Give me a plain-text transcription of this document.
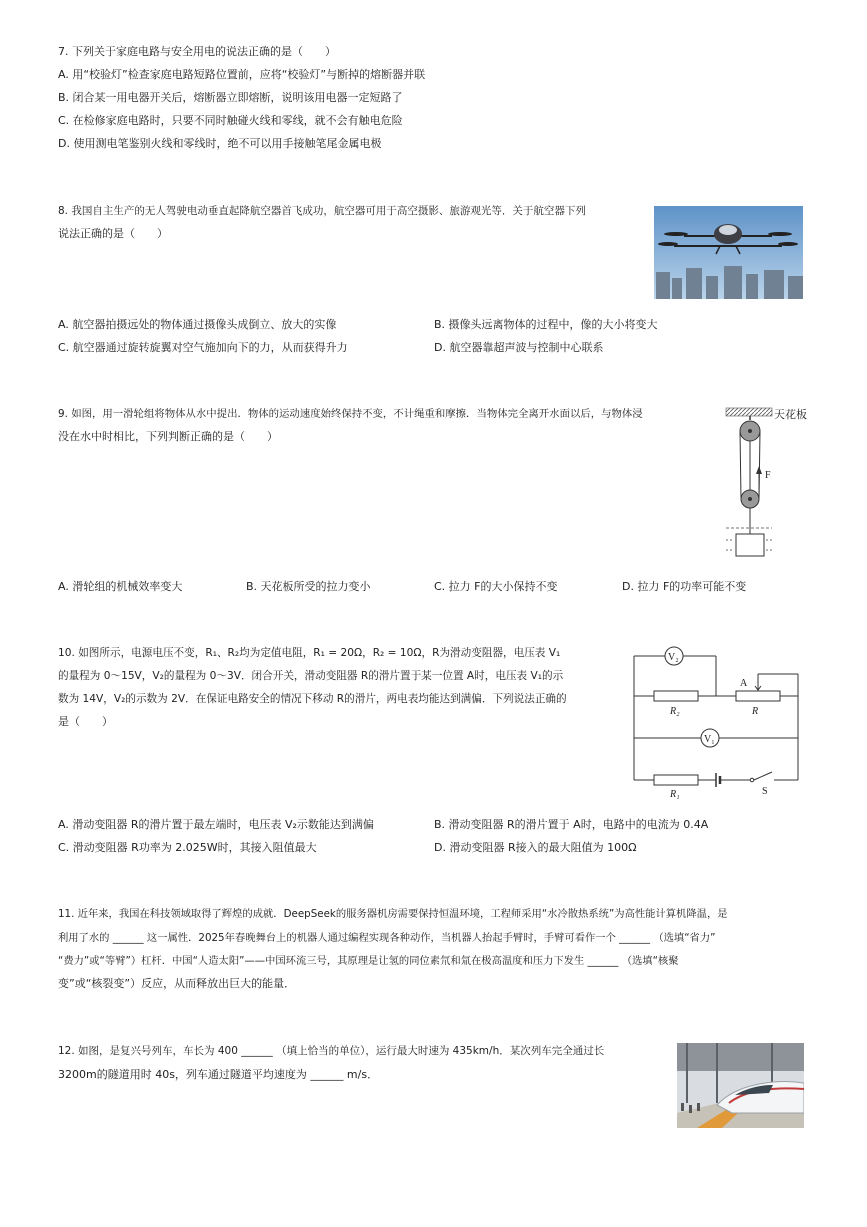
7. 下列关于家庭电路与安全用电的说法正确的是（　　）
A. 用“校验灯”检查家庭电路短路位置前，应将“校验灯”与断掉的熔断器并联
B. 闭合某一用电器开关后，熔断器立即熔断，说明该用电器一定短路了
C. 在检修家庭电路时，只要不同时触碰火线和零线，就不会有触电危险
D. 使用测电笔鉴别火线和零线时，绝不可以用手接触笔尾金属电极
8. 我国自主生产的无人驾驶电动垂直起降航空器首飞成功，航空器可用于高空摄影、旅游观光等．关于航空器下列
说法正确的是（　　）
A. 航空器拍摄远处的物体通过摄像头成倒立、放大的实像	B. 摄像头远离物体的过程中，像的大小将变大
C. 航空器通过旋转旋翼对空气施加向下的力，从而获得升力	D. 航空器靠超声波与控制中心联系
9. 如图，用一滑轮组将物体从水中提出．物体的运动速度始终保持不变，不计绳重和摩擦．当物体完全离开水面以后，与物体浸
没在水中时相比，下列判断正确的是（　　）
天花板
F
A. 滑轮组的机械效率变大	B. 天花板所受的拉力变小	C. 拉力 F的大小保持不变	D. 拉力 F的功率可能不变
10. 如图所示，电源电压不变，R₁、R₂均为定值电阻，R₁ = 20Ω，R₂ = 10Ω，R为滑动变阻器，电压表 V₁
的量程为 0～15V，V₂的量程为 0～3V．闭合开关，滑动变阻器 R的滑片置于某一位置 A时，电压表 V₁的示
数为 14V，V₂的示数为 2V．在保证电路安全的情况下移动 R的滑片，两电表均能达到满偏．下列说法正确的
是（　　）
V₂
V₁
R₂	R
A
R₁	S
A. 滑动变阻器 R的滑片置于最左端时，电压表 V₂示数能达到满偏	B. 滑动变阻器 R的滑片置于 A时，电路中的电流为 0.4A
C. 滑动变阻器 R功率为 2.025W时，其接入阻值最大	D. 滑动变阻器 R接入的最大阻值为 100Ω
11. 近年来，我国在科技领域取得了辉煌的成就．DeepSeek的服务器机房需要保持恒温环境，工程师采用“水冷散热系统”为高性能计算机降温，是
利用了水的 ______ 这一属性．2025年春晚舞台上的机器人通过编程实现各种动作，当机器人抬起手臂时，手臂可看作一个 ______ （选填“省力”
“费力”或“等臂”）杠杆．中国“人造太阳”——中国环流三号，其原理是让氢的同位素氘和氚在极高温度和压力下发生 ______ （选填“核聚
变”或“核裂变”）反应，从而释放出巨大的能量．
12. 如图，是复兴号列车，车长为 400 ______ （填上恰当的单位），运行最大时速为 435km/h．某次列车完全通过长
3200m的隧道用时 40s，列车通过隧道平均速度为 ______ m/s．
